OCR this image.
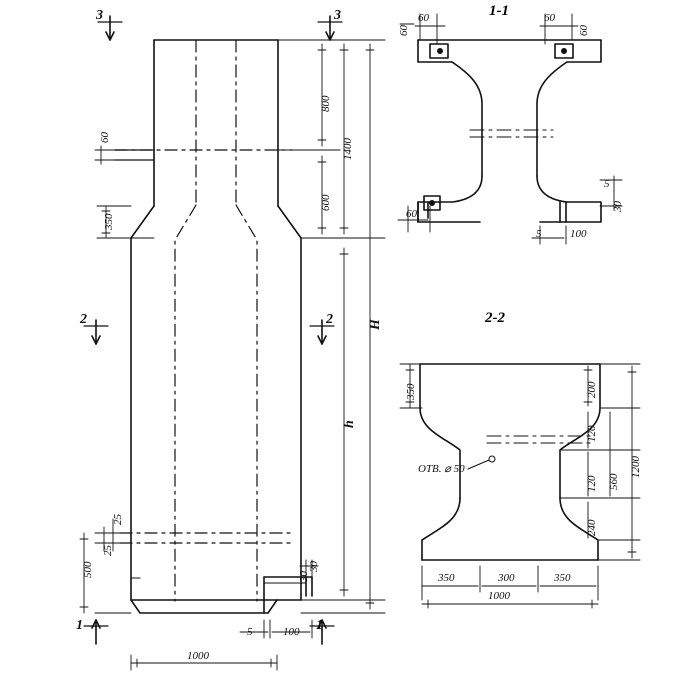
1-1
2-2
3	3
2	2
1	1
800
1400
600
350
60
H
h
500
25
25
1000
5	100
30
30
60
60
60
60
60
5	100
5
30
350	200
120
560
120
240
1200
350	300	350
1000
ОТВ. ⌀ 50
